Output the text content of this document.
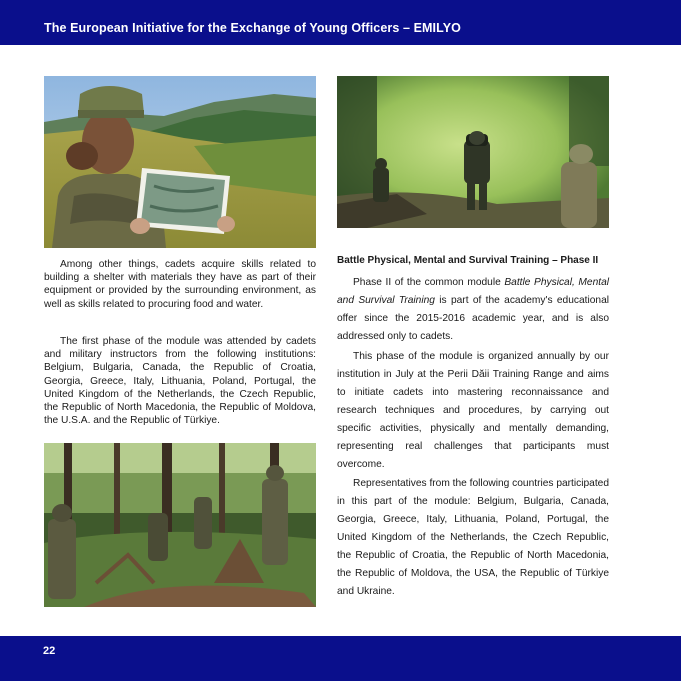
The European Initiative for the Exchange of Young Officers – EMILYO

Among other things, cadets acquire skills related to building a shelter with materials they have as part of their equipment or provided by the surrounding environment, as well as skills related to procuring food and water.

The first phase of the module was attended by cadets and military instructors from the following institutions: Belgium, Bulgaria, Canada, the Republic of Croatia, Georgia, Greece, Italy, Lithuania, Poland, Portugal, the United Kingdom of the Netherlands, the Czech Republic, the Republic of North Macedonia, the Republic of Moldova, the U.S.A. and the Republic of Türkiye.

Battle Physical, Mental and Survival Training – Phase II

Phase II of the common module Battle Physical, Mental and Survival Training is part of the academy's educational offer since the 2015-2016 academic year, and is also addressed only to cadets.

This phase of the module is organized annually by our institution in July at the Perii Dăii Training Range and aims to initiate cadets into mastering reconnaissance and research techniques and procedures, by carrying out specific activities, physically and mentally demanding, representing real challenges that participants must overcome.

Representatives from the following countries participated in this part of the module: Belgium, Bulgaria, Canada, Georgia, Greece, Italy, Lithuania, Poland, Portugal, the United Kingdom of the Netherlands, the Czech Republic, the Republic of Croatia, the Republic of North Macedonia, the Republic of Moldova, the USA, the Republic of Türkiye and Ukraine.

22
